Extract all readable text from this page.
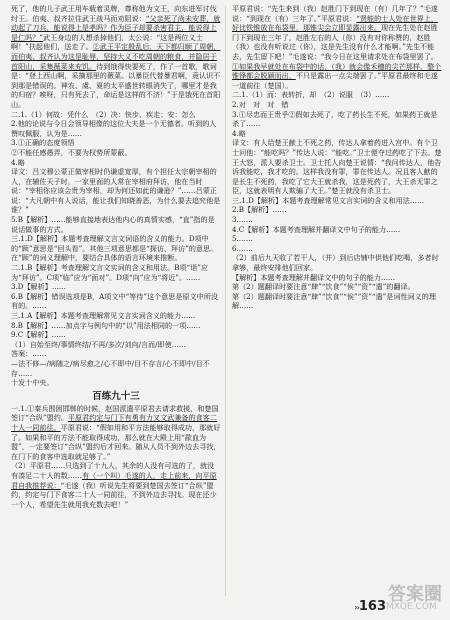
死了，他的儿子武王用车载着灵牌，尊称他为文王，向东进军讨伐纣王。伯夷、叔齐拉住武王战马而劝阻说：“父亲死了尚未安葬，就动起了刀兵，能说得上是孝吗？作为臣子却要杀害君主，能说得上是仁吗？”武王身边的人想杀掉他们，太公说：“这是两位义士啊！”扶起他们，送走了。②武王平定殷乱后，天下都归顺了周朝，而伯夷、叔齐认为这是耻辱，坚持大义不吃周朝的粮食，并隐居于首阳山，采集薇菜来充饥。待到饿得快要死了，作了一首歌，歌词是：“登上西山啊，采摘那里的薇菜。以暴臣代替暴君啊，竟认识不到那是错误的。神农、虞、夏的太平盛世转眼消失了，哪里才是我的归宿？唉呀，只有死去了，命运是这样的不济！”于是饿死在首阳山。

二.1.（1）何故：凭什么　（2）决：快步、疾走；安：怎么

2.他的论说与今日会领导相像的这位大夫是一个无德者。听到的人赞叹佩服，认为是……

3.①正确的态度领悟

②不能任感愚弄，不要为权势所蒙蔽。

4.略

译文：吕文穆公蒙正做宰相时仍谦虚宽厚，有个担任太宗朝宰相的人，在辅佐天子时，一家里面的人常在宰相府拜访，他在当时说：“宰相你应该会贵为宰相，却为何还如此的谦逊？”……吕蒙正说：“大凡朝中有人说话，能让我们知晓善恶，为什么要去追究他是谁？”

5.B【解析】……能够直接地表达他内心的真情实感，“直”指的是说话做事的方式。

三.1.D【解析】本题考查理解文言文词语的含义的能力。D项中的“顾”意思是“回头看”。其他三项意思都是“探访、拜访”的意思。在“顾”的词义理解中，要结合具体的语言环境来推断。

二.1.B【解析】考查理解文言文实词的含义和用法。B项“诣”应为“拜访”。C项“临”应为“面对”。D项“向”应为“将近”。……

3.D【解析】……

6.B【解析】错误选项是B，A项文中“等待”这个意思是原文中所没有的。……

三.1.A【解析】本题考查理解常见文言实词含义的能力……

8.B【解析】……加点字与例句中的“以”用法相同的一项……

9.C【解析】……

（1）自始至终/事情终结/不再/多次/刘向/言而/即使……

答案：……

—法不修—/病随之/病尽愈之/心不即中/目不存言/心不即中/目不存……

十发十中央。

百练九十三

一.1.①秦兵围困邯郸的时候，赵国派遣平原君去请求救援，和楚国签订“合纵”盟约。平原君约定与门下有勇有力又文武兼备的食客二十人一同前往。平原君说：“假如用和平方法能够取得成功，那就好了。如果和平的方法不能取得成功，那么就在大殿上用“歃血为盟”，一定要签订“合纵”盟约后才回来。随从人员不到外边去寻找，在门下的食客中选取就足够了。”

（2）平原君……只选到了十九人，其余的人没有可选的了，就没有凑足二十人的数……有（一个叫）毛遂的人，走上前来，向平原君自我推荐说：“毛遂（我）听说先生将要到楚国去签订“合纵”盟约，约定与门下食客二十人一同前往，不到外边去寻找。现在还少一个人，希望先生就用我充数去吧！”

平原君说：“先生来到（我）赵胜门下到现在（有）几年了？”毛遂说：“到现在（有）三年了。”平原君说：“贤能的士人处在世界上，好比铁锥放在布袋里，那锥尖会立即显露出来。现在先生处在赵胜门下到现在三年了，赵胜左右的人（你）没有对你称赞的，赵胜（我）也没有听说过（你），这是先生没有什么才能啊。”先生不能去，先生留下吧！”毛遂说：“我今日在这里请求处在布袋里罢了。①如果我早就处在布袋中的话，（我）就会像禾穗的尖芒那样，整个锥锋都会脱颖而出，不只是露出一点尖端罢了。”平原君最终和毛遂一道前往（楚国）。

二.1.（1）而：表转折，却　（2）说服　（3）……

2.对　对　对　错

3.①尽忠而王贵乎②假如去死了，吃了药长生不死，如果药王就是杀了……

4.略

译文：有人给楚王献上不死之药，传达人拿着药进入宫中。有个卫士问他：“能吃吗？”传达人说：“能吃。”卫士便夺过药吃了下去。楚王大怒，派人要杀卫士。卫士托人向楚王说情：“我问传达人，他告诉我能吃，我才吃的。这样我没有罪，罪在传达人。况且客人献的是长生不死药，我吃了它大王就杀我，这是死药了，大王杀无罪之臣，这就表明有人欺骗了大王。”楚王就没有杀卫士。

三.1.D【解析】本题考查理解常见文言实词的含义和用法……

2.B【解析】……

3.……

4.C【解析】本题考查理解并翻译文中句子的能力……

5.……

6.……

（2）前后九天收了若干人，（并）到后店铺中供他们吃喝，多者时拿够，最终安排他们回家。

【解析】本题考查理解并翻译文中的句子的能力……

第（2）题翻译时要注意“肆”“饮食”“俟”“资”“遣”的翻译。

第（2）题翻译时要注意“肆”“饮食”“俟”“资”“遣”是词性词义的理解……

››163
答案圈
MXQE.COM
